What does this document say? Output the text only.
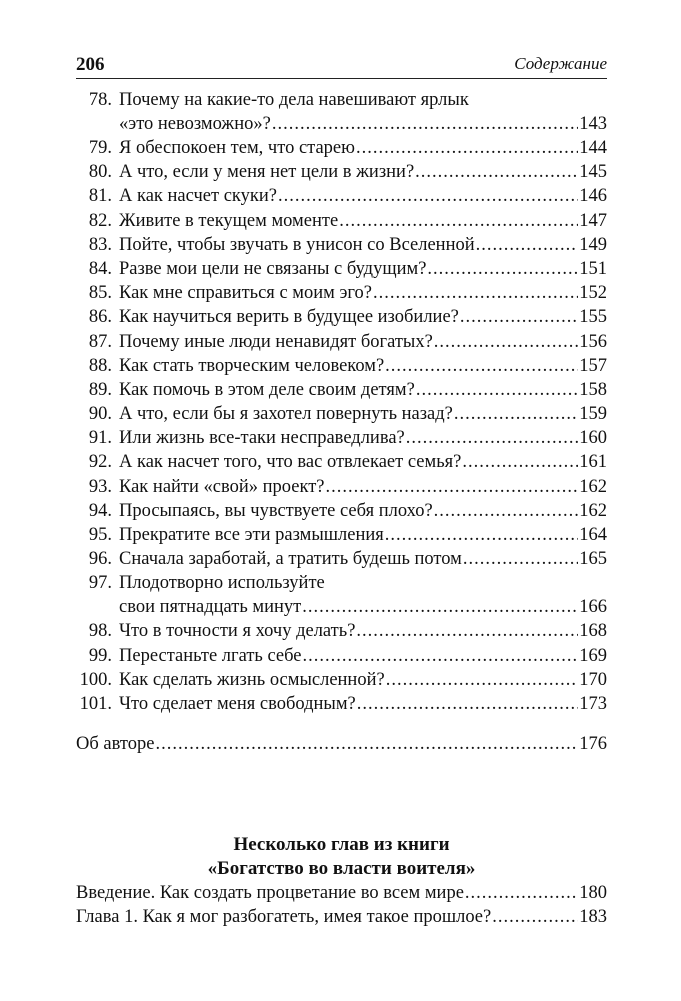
206	Содержание
78. Почему на какие-то дела навешивают ярлык
«это невозможно»? .....	143
79. Я обеспокоен тем, что старею .....	144
80. А что, если у меня нет цели в жизни? .....	145
81. А как насчет скуки? .....	146
82. Живите в текущем моменте .....	147
83. Пойте, чтобы звучать в унисон со Вселенной .....	149
84. Разве мои цели не связаны с будущим? .....	151
85. Как мне справиться с моим эго? .....	152
86. Как научиться верить в будущее изобилие? .....	155
87. Почему иные люди ненавидят богатых? .....	156
88. Как стать творческим человеком? .....	157
89. Как помочь в этом деле своим детям? .....	158
90. А что, если бы я захотел повернуть назад? .....	159
91. Или жизнь все-таки несправедлива? .....	160
92. А как насчет того, что вас отвлекает семья? .....	161
93. Как найти «свой» проект? .....	162
94. Просыпаясь, вы чувствуете себя плохо? .....	162
95. Прекратите все эти размышления .....	164
96. Сначала заработай, а тратить будешь потом .....	165
97. Плодотворно используйте
свои пятнадцать минут .....	166
98. Что в точности я хочу делать? .....	168
99. Перестаньте лгать себе .....	169
100. Как сделать жизнь осмысленной? .....	170
101. Что сделает меня свободным? .....	173
Об авторе .....	176
Несколько глав из книги
«Богатство во власти воителя»
Введение. Как создать процветание во всем мире .....	180
Глава 1. Как я мог разбогатеть, имея такое прошлое? .....	183
